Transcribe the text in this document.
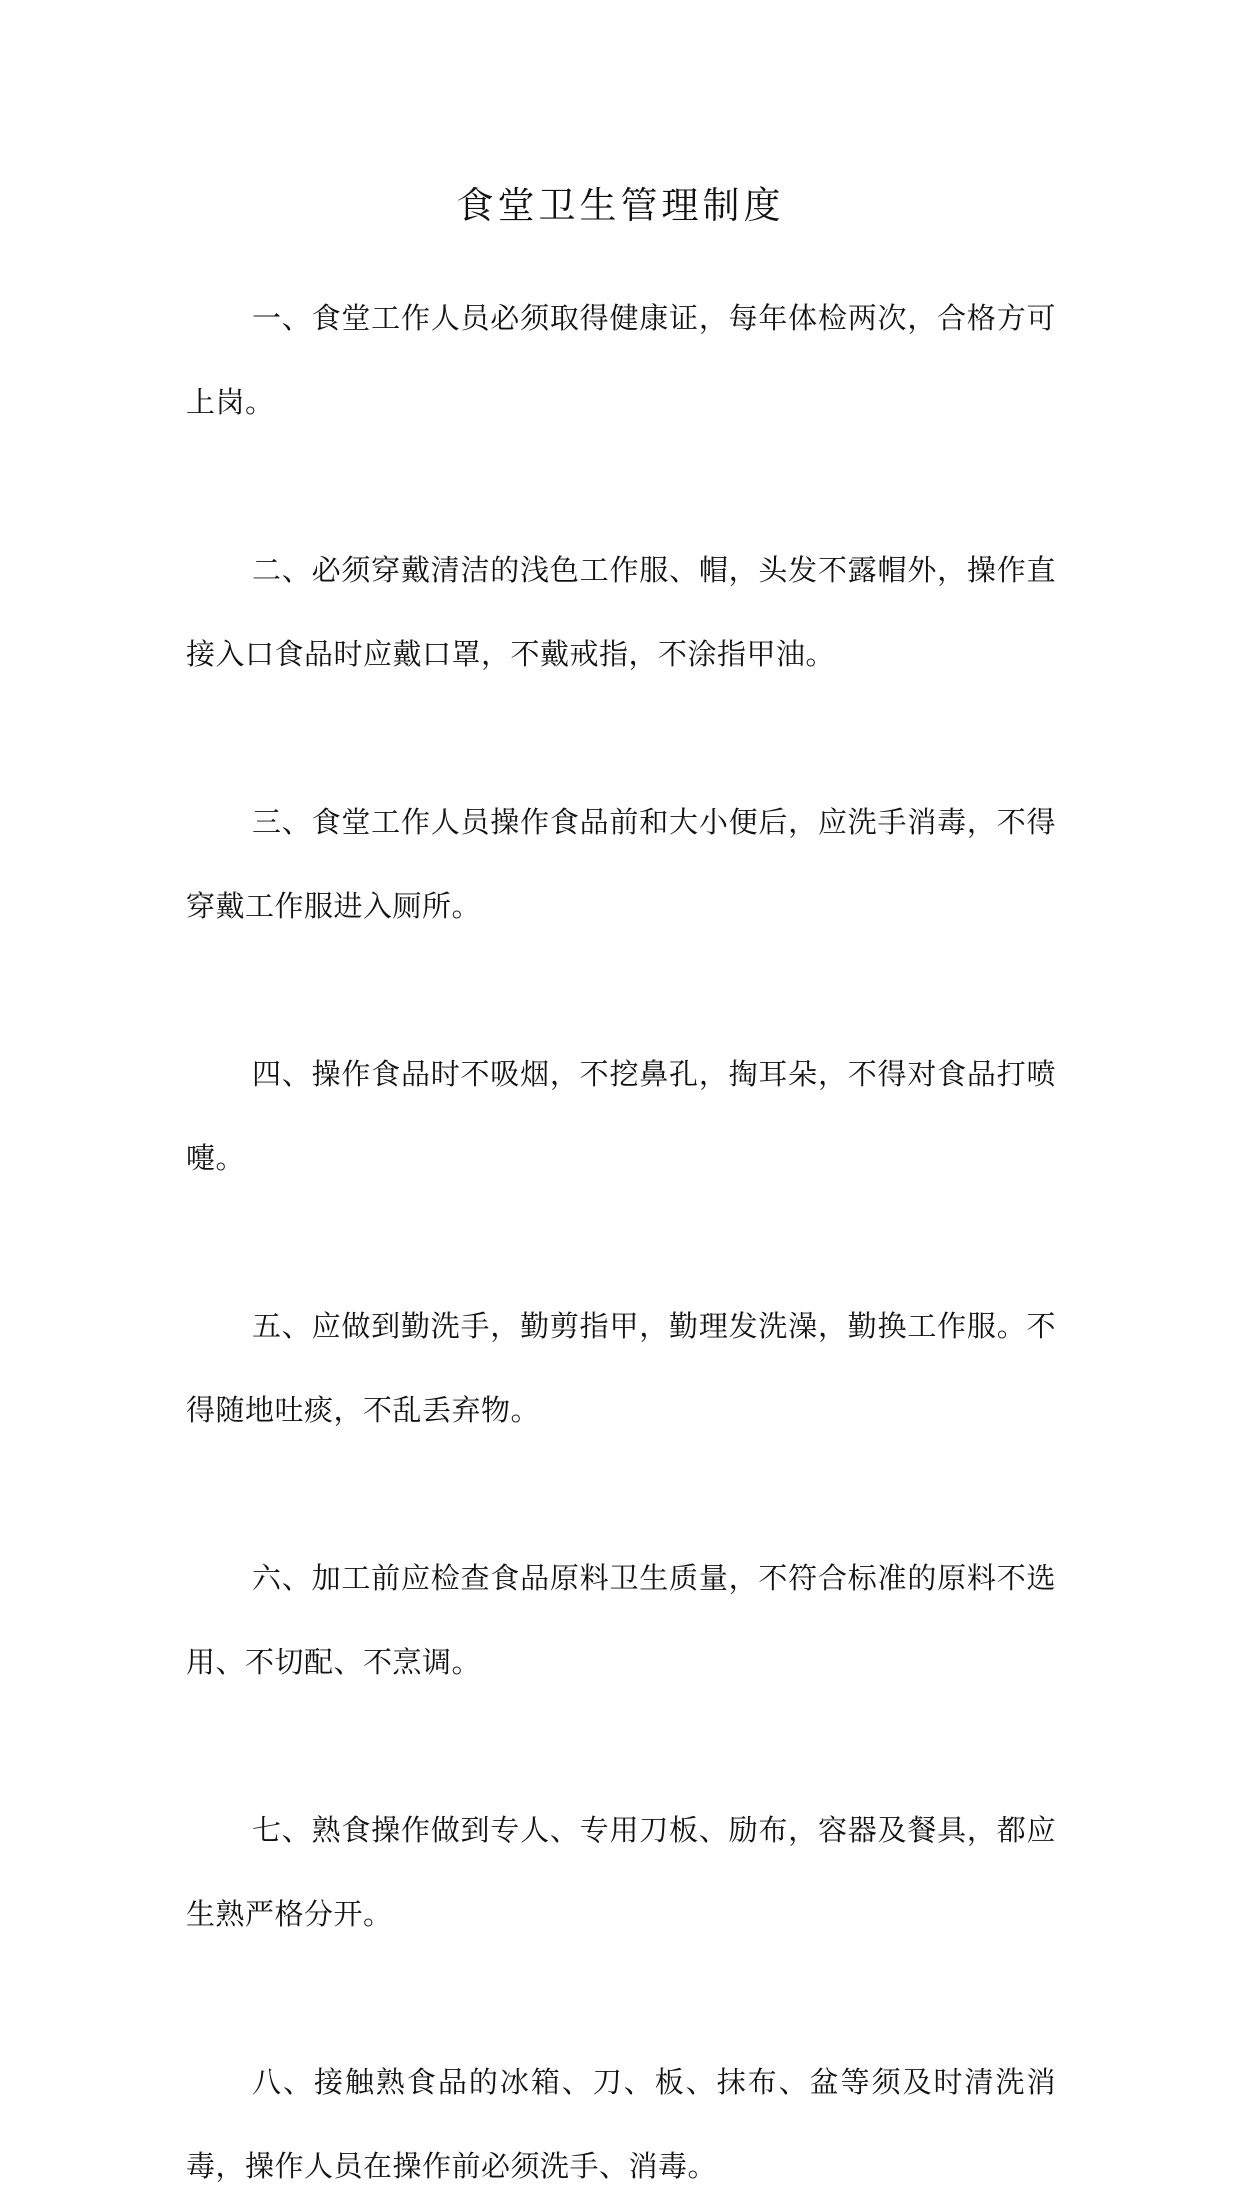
食堂卫生管理制度

一、食堂工作人员必须取得健康证，每年体检两次，合格方可上岗。

二、必须穿戴清洁的浅色工作服、帽，头发不露帽外，操作直接入口食品时应戴口罩，不戴戒指，不涂指甲油。

三、食堂工作人员操作食品前和大小便后，应洗手消毒，不得穿戴工作服进入厕所。

四、操作食品时不吸烟，不挖鼻孔，掏耳朵，不得对食品打喷嚏。

五、应做到勤洗手，勤剪指甲，勤理发洗澡，勤换工作服。不得随地吐痰，不乱丢弃物。

六、加工前应检查食品原料卫生质量，不符合标准的原料不选用、不切配、不烹调。

七、熟食操作做到专人、专用刀板、励布，容器及餐具，都应生熟严格分开。

八、接触熟食品的冰箱、刀、板、抹布、盆等须及时清洗消毒，操作人员在操作前必须洗手、消毒。
